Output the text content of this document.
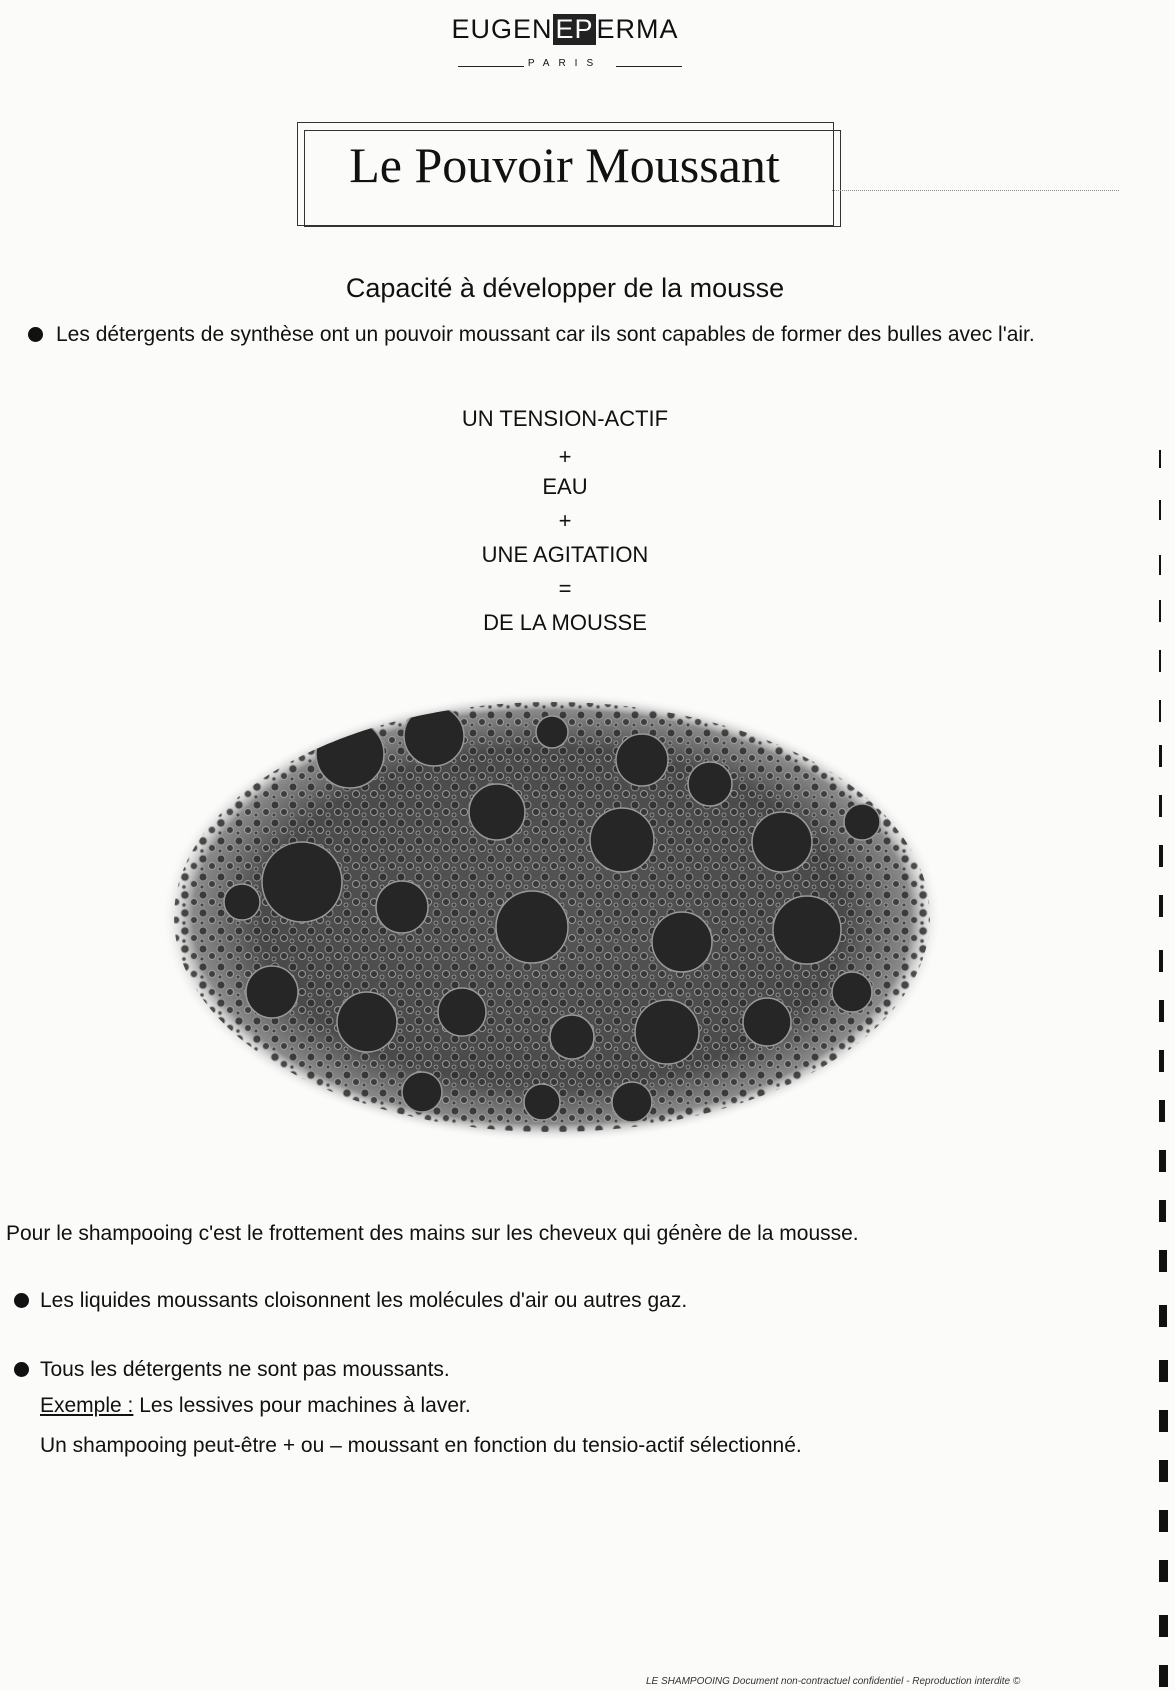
EUGEN EP ERMA
PARIS
Le Pouvoir Moussant
Capacité à développer de la mousse
Les détergents de synthèse ont un pouvoir moussant car ils sont capables de former des bulles avec l'air.
UN TENSION-ACTIF
+
EAU
+
UNE AGITATION
=
DE LA MOUSSE
Pour le shampooing c'est le frottement des mains sur les cheveux qui génère de la mousse.
Les liquides moussants cloisonnent les molécules d'air ou autres gaz.
Tous les détergents ne sont pas moussants.
Exemple : Les lessives pour machines à laver.
Un shampooing peut-être + ou – moussant en fonction du tensio-actif sélectionné.
LE SHAMPOOING Document non-contractuel confidentiel - Reproduction interdite ©
